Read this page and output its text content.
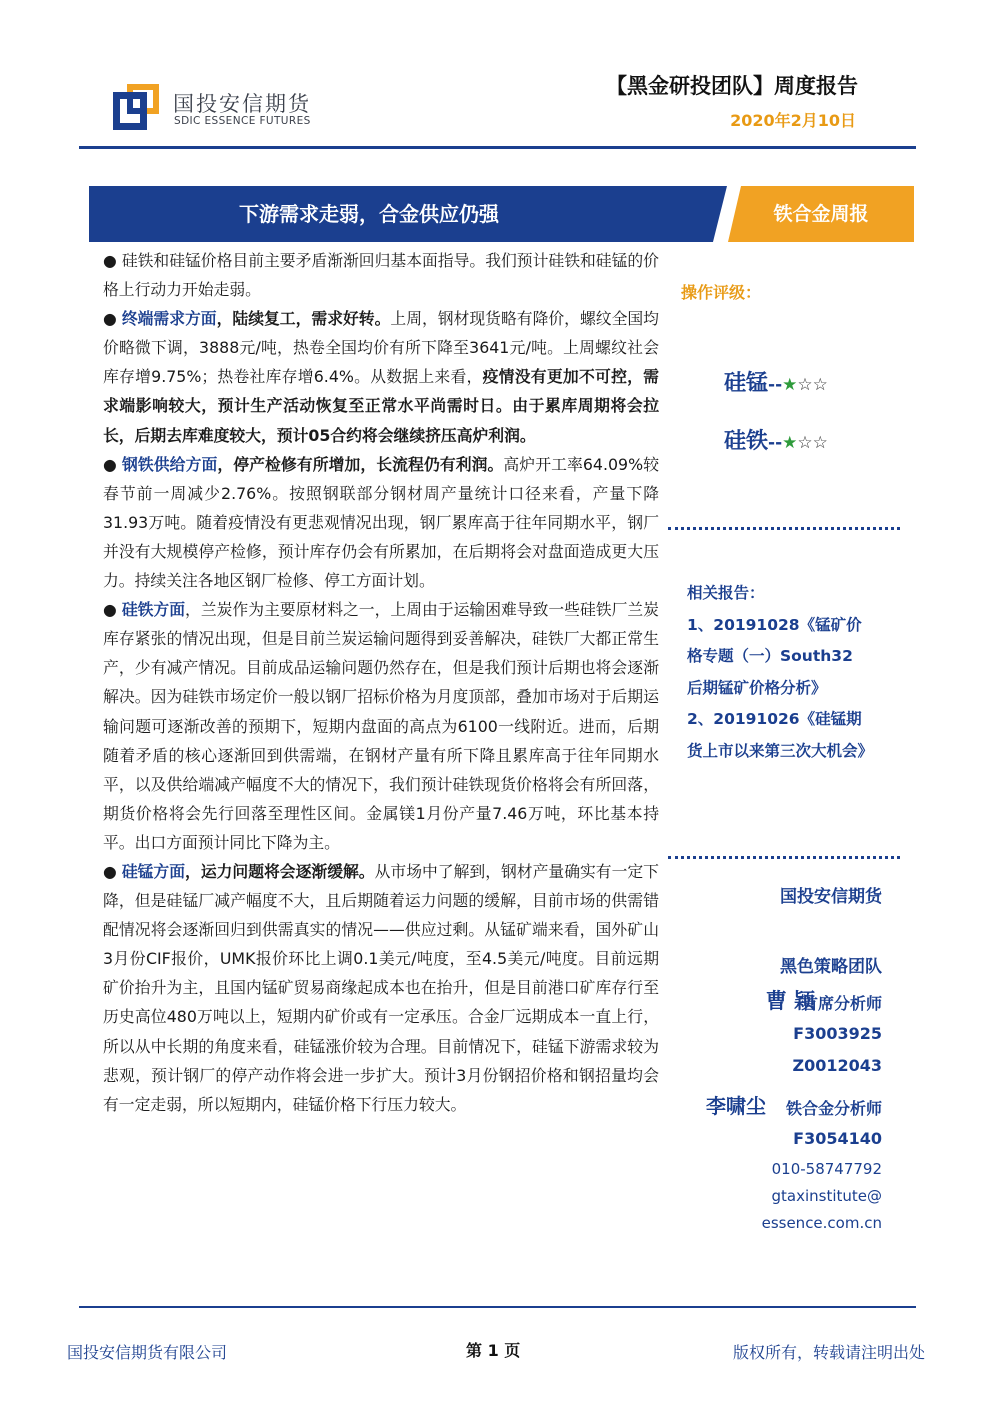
国投安信期货
SDIC ESSENCE FUTURES
【黑金研投团队】周度报告
2020年2月10日
下游需求走弱，合金供应仍强	铁合金周报

● 硅铁和硅锰价格目前主要矛盾渐渐回归基本面指导。我们预计硅铁和硅锰的价格上行动力开始走弱。

● 终端需求方面，陆续复工，需求好转。上周，钢材现货略有降价，螺纹全国均价略微下调，3888元/吨，热卷全国均价有所下降至3641元/吨。上周螺纹社会库存增9.75%；热卷社库存增6.4%。从数据上来看，疫情没有更加不可控，需求端影响较大，预计生产活动恢复至正常水平尚需时日。由于累库周期将会拉长，后期去库难度较大，预计05合约将会继续挤压高炉利润。

● 钢铁供给方面，停产检修有所增加，长流程仍有利润。高炉开工率64.09%较春节前一周减少2.76%。按照钢联部分钢材周产量统计口径来看，产量下降31.93万吨。随着疫情没有更悲观情况出现，钢厂累库高于往年同期水平，钢厂并没有大规模停产检修，预计库存仍会有所累加，在后期将会对盘面造成更大压力。持续关注各地区钢厂检修、停工方面计划。

● 硅铁方面，兰炭作为主要原材料之一，上周由于运输困难导致一些硅铁厂兰炭库存紧张的情况出现，但是目前兰炭运输问题得到妥善解决，硅铁厂大都正常生产，少有减产情况。目前成品运输问题仍然存在，但是我们预计后期也将会逐渐解决。因为硅铁市场定价一般以钢厂招标价格为月度顶部，叠加市场对于后期运输问题可逐渐改善的预期下，短期内盘面的高点为6100一线附近。进而，后期随着矛盾的核心逐渐回到供需端，在钢材产量有所下降且累库高于往年同期水平，以及供给端减产幅度不大的情况下，我们预计硅铁现货价格将会有所回落，期货价格将会先行回落至理性区间。金属镁1月份产量7.46万吨，环比基本持平。出口方面预计同比下降为主。

● 硅锰方面，运力问题将会逐渐缓解。从市场中了解到，钢材产量确实有一定下降，但是硅锰厂减产幅度不大，且后期随着运力问题的缓解，目前市场的供需错配情况将会逐渐回归到供需真实的情况——供应过剩。从锰矿端来看，国外矿山3月份CIF报价，UMK报价环比上调0.1美元/吨度，至4.5美元/吨度。目前远期矿价抬升为主，且国内锰矿贸易商缘起成本也在抬升，但是目前港口矿库存行至历史高位480万吨以上，短期内矿价或有一定承压。合金厂远期成本一直上行，所以从中长期的角度来看，硅锰涨价较为合理。目前情况下，硅锰下游需求较为悲观，预计钢厂的停产动作将会进一步扩大。预计3月份钢招价格和钢招量均会有一定走弱，所以短期内，硅锰价格下行压力较大。

操作评级：
硅锰--★☆☆
硅铁--★☆☆
相关报告：
1、20191028《锰矿价
格专题（一）South32
后期锰矿价格分析》
2、20191026《硅锰期
货上市以来第三次大机会》
国投安信期货
黑色策略团队
曹 颖
首席分析师
F3003925
Z0012043
李啸尘 铁合金分析师
F3054140
010-58747792
gtaxinstitute@
essence.com.cn
国投安信期货有限公司	第 1 页	版权所有，转载请注明出处
